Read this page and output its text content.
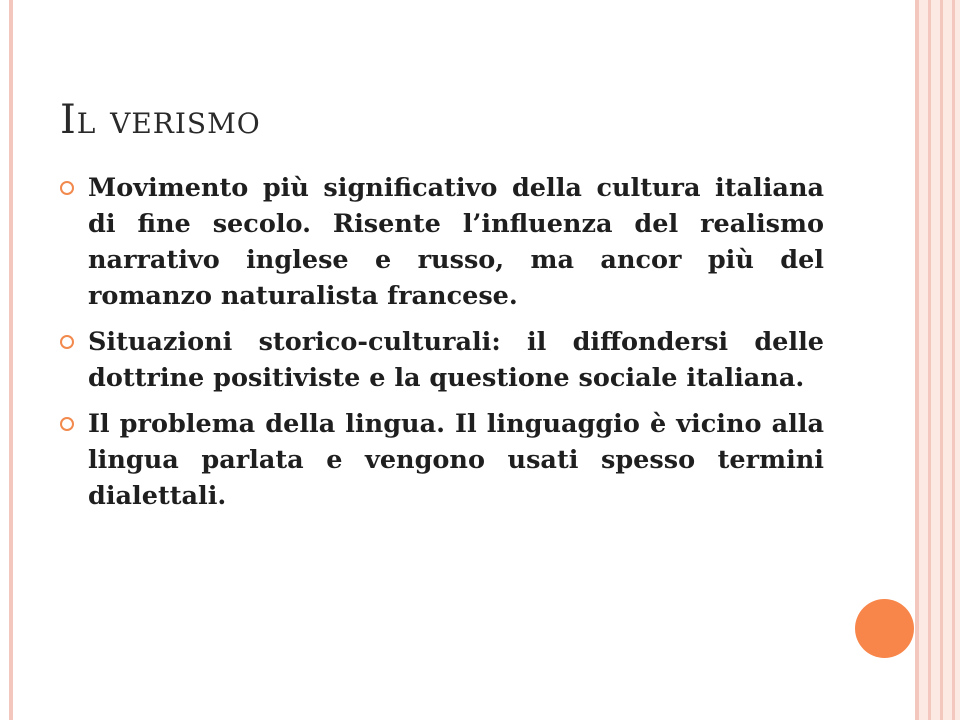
Il verismo
Movimento più significativo della cultura italiana di fine secolo. Risente l’influenza del realismo narrativo inglese e russo, ma ancor più del romanzo naturalista francese.
Situazioni storico-culturali: il diffondersi delle dottrine positiviste e la questione sociale italiana.
Il problema della lingua. Il linguaggio è vicino alla lingua parlata e vengono usati spesso termini dialettali.
